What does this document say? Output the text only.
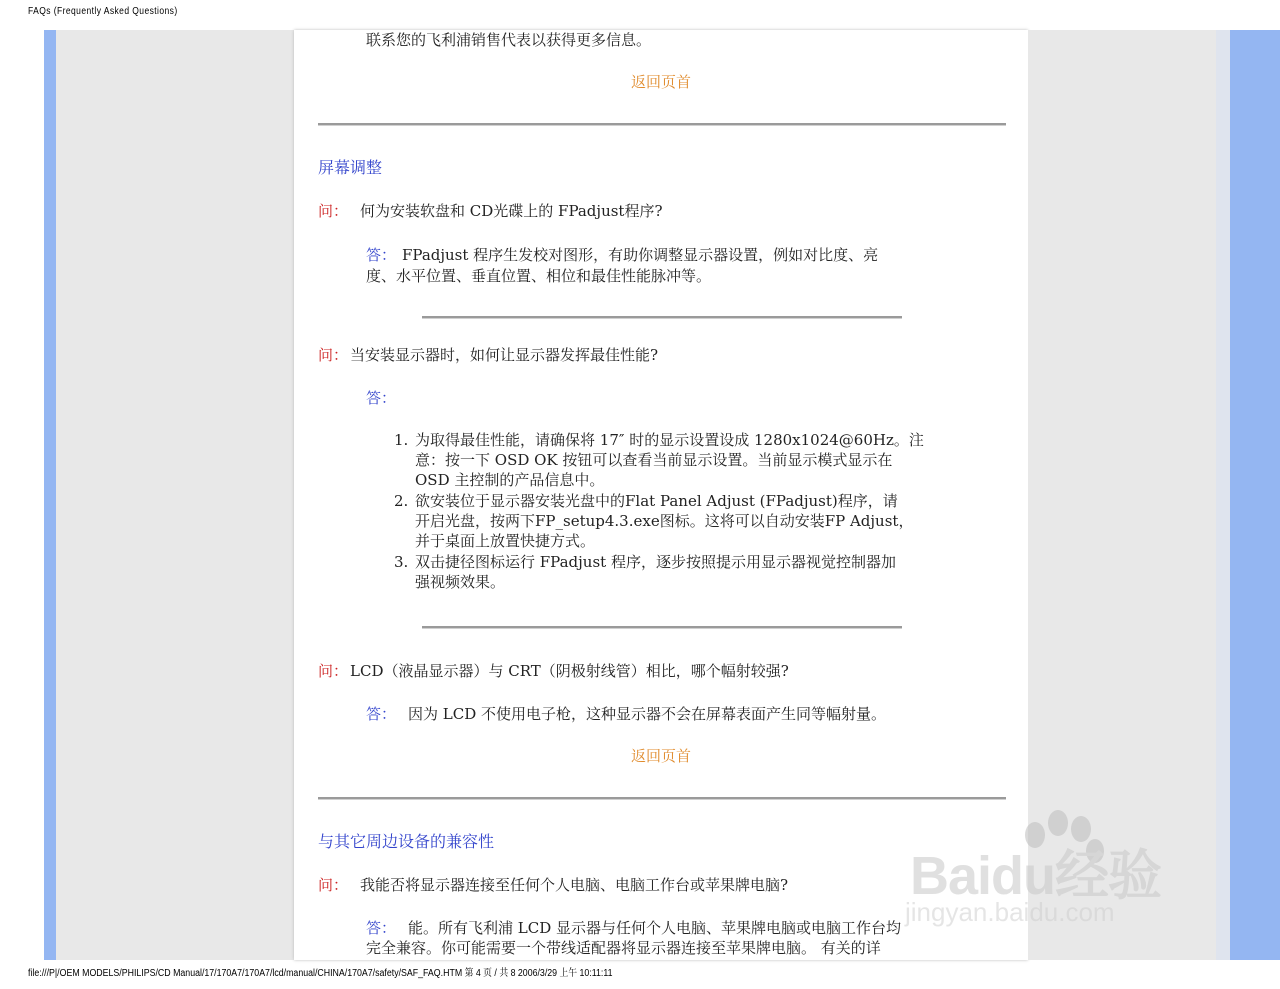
FAQs (Frequently Asked Questions)
联系您的飞利浦销售代表以获得更多信息。
返回页首
屏幕调整
问： 何为安装软盘和 CD光碟上的 FPadjust程序?
答： FPadjust 程序生发校对图形，有助你调整显示器设置，例如对比度、亮
度、水平位置、垂直位置、相位和最佳性能脉冲等。
问： 当安装显示器时，如何让显示器发挥最佳性能?
答：
1. 为取得最佳性能，请确保将 17″ 时的显示设置设成 1280x1024@60Hz。注
意：按一下 OSD OK 按钮可以查看当前显示设置。当前显示模式显示在
OSD 主控制的产品信息中。
2. 欲安装位于显示器安装光盘中的Flat Panel Adjust (FPadjust)程序，请
开启光盘，按两下FP_setup4.3.exe图标。这将可以自动安装FP Adjust，
并于桌面上放置快捷方式。
3. 双击捷径图标运行 FPadjust 程序，逐步按照提示用显示器视觉控制器加
强视频效果。
问： LCD（液晶显示器）与 CRT（阴极射线管）相比，哪个幅射较强?
答： 因为 LCD 不使用电子枪，这种显示器不会在屏幕表面产生同等幅射量。
返回页首
与其它周边设备的兼容性
问： 我能否将显示器连接至任何个人电脑、电脑工作台或苹果牌电脑?
答： 能。所有飞利浦 LCD 显示器与任何个人电脑、苹果牌电脑或电脑工作台均
完全兼容。你可能需要一个带线适配器将显示器连接至苹果牌电脑。 有关的详
Baidu经验
jingyan.baidu.com
file:///P|/OEM MODELS/PHILIPS/CD Manual/17/170A7/170A7/lcd/manual/CHINA/170A7/safety/SAF_FAQ.HTM 第 4 页 / 共 8 2006/3/29 上午 10:11:11
